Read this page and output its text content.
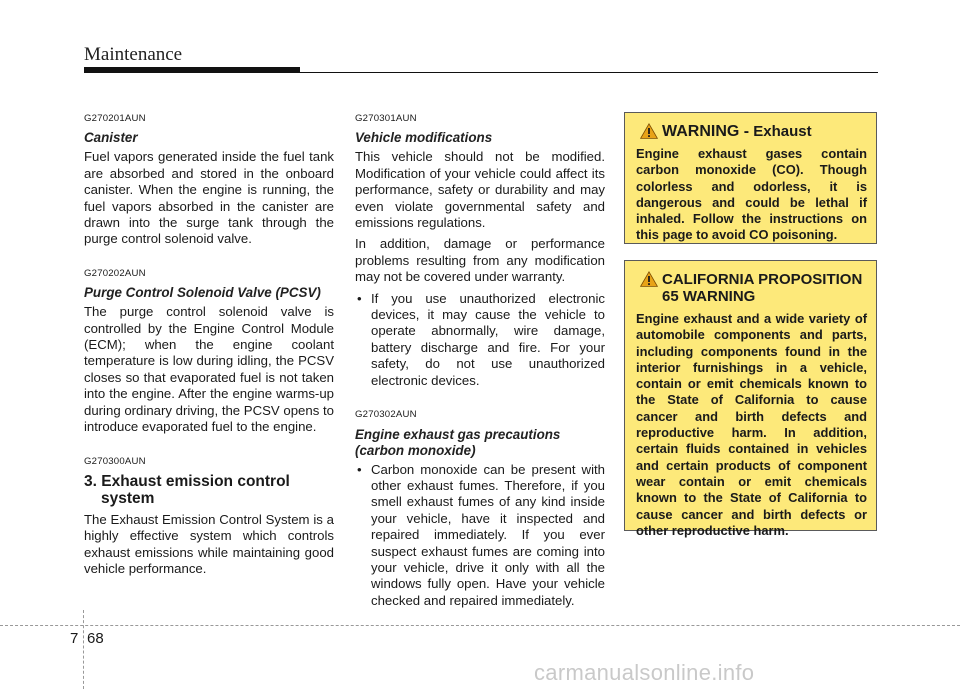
Maintenance
G270201AUN
Canister

Fuel vapors generated inside the fuel tank are absorbed and stored in the onboard canister. When the engine is running, the fuel vapors absorbed in the canister are drawn into the surge tank through the purge control solenoid valve.

G270202AUN
Purge Control Solenoid Valve (PCSV)

The purge control solenoid valve is controlled by the Engine Control Module (ECM); when the engine coolant temperature is low during idling, the PCSV closes so that evaporated fuel is not taken into the engine. After the engine warms-up during ordinary driving, the PCSV opens to introduce evaporated fuel to the engine.

G270300AUN
3. Exhaust emission control system

The Exhaust Emission Control System is a highly effective system which controls exhaust emissions while maintaining good vehicle performance.

G270301AUN
Vehicle modifications

This vehicle should not be modified. Modification of your vehicle could affect its performance, safety or durability and may even violate governmental safety and emissions regulations.

In addition, damage or performance problems resulting from any modification may not be covered under warranty.

• If you use unauthorized electronic devices, it may cause the vehicle to operate abnormally, wire damage, battery discharge and fire. For your safety, do not use unauthorized electronic devices.
G270302AUN
Engine exhaust gas precautions (carbon monoxide)
• Carbon monoxide can be present with other exhaust fumes. Therefore, if you smell exhaust fumes of any kind inside your vehicle, have it inspected and repaired immediately. If you ever suspect exhaust fumes are coming into your vehicle, drive it only with all the windows fully open. Have your vehicle checked and repaired immediately.
WARNING - Exhaust
Engine exhaust gases contain carbon monoxide (CO). Though colorless and odorless, it is dangerous and could be lethal if inhaled. Follow the instructions on this page to avoid CO poisoning.
CALIFORNIA PROPOSITION 65 WARNING
Engine exhaust and a wide variety of automobile components and parts, including components found in the interior furnishings in a vehicle, contain or emit chemicals known to the State of California to cause cancer and birth defects and reproductive harm. In addition, certain fluids contained in vehicles and certain products of component wear contain or emit chemicals known to the State of California to cause cancer and birth defects or other reproductive harm.
7 68
carmanualsonline.info
